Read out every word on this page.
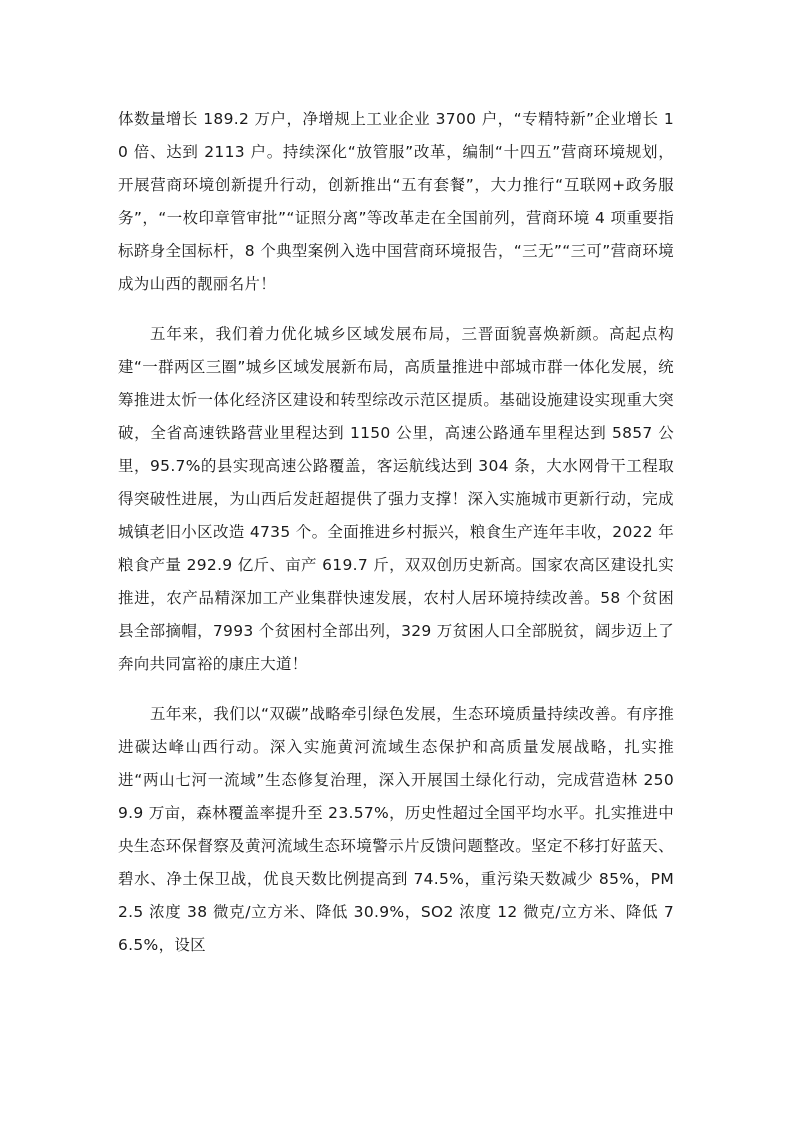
体数量增长 189.2 万户，净增规上工业企业 3700 户，“专精特新”企业增长 10 倍、达到 2113 户。持续深化“放管服”改革，编制“十四五”营商环境规划，开展营商环境创新提升行动，创新推出“五有套餐”，大力推行“互联网+政务服务”，“一枚印章管审批”“证照分离”等改革走在全国前列，营商环境 4 项重要指标跻身全国标杆，8 个典型案例入选中国营商环境报告，“三无”“三可”营商环境成为山西的靓丽名片！

五年来，我们着力优化城乡区域发展布局，三晋面貌喜焕新颜。高起点构建“一群两区三圈”城乡区域发展新布局，高质量推进中部城市群一体化发展，统筹推进太忻一体化经济区建设和转型综改示范区提质。基础设施建设实现重大突破，全省高速铁路营业里程达到 1150 公里，高速公路通车里程达到 5857 公里，95.7%的县实现高速公路覆盖，客运航线达到 304 条，大水网骨干工程取得突破性进展，为山西后发赶超提供了强力支撑！深入实施城市更新行动，完成城镇老旧小区改造 4735 个。全面推进乡村振兴，粮食生产连年丰收，2022 年粮食产量 292.9 亿斤、亩产 619.7 斤，双双创历史新高。国家农高区建设扎实推进，农产品精深加工产业集群快速发展，农村人居环境持续改善。58 个贫困县全部摘帽，7993 个贫困村全部出列，329 万贫困人口全部脱贫，阔步迈上了奔向共同富裕的康庄大道！

五年来，我们以“双碳”战略牵引绿色发展，生态环境质量持续改善。有序推进碳达峰山西行动。深入实施黄河流域生态保护和高质量发展战略，扎实推进“两山七河一流域”生态修复治理，深入开展国土绿化行动，完成营造林 2509.9 万亩，森林覆盖率提升至 23.57%，历史性超过全国平均水平。扎实推进中央生态环保督察及黄河流域生态环境警示片反馈问题整改。坚定不移打好蓝天、碧水、净土保卫战，优良天数比例提高到 74.5%，重污染天数减少 85%，PM2.5 浓度 38 微克/立方米、降低 30.9%，SO2 浓度 12 微克/立方米、降低 76.5%，设区
